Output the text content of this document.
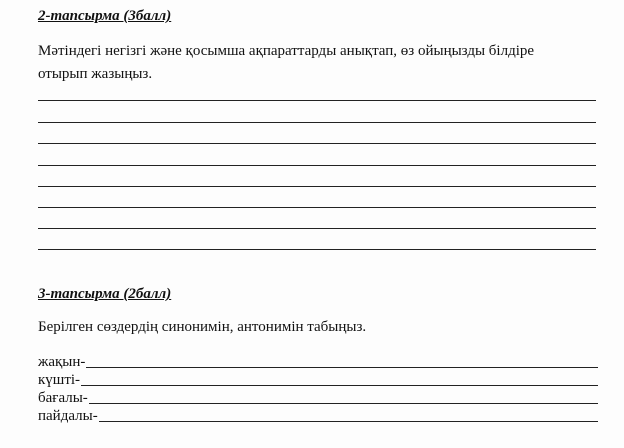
2-тапсырма (3балл)
Мәтіндегі негізгі және қосымша ақпараттарды анықтап, өз ойыңызды білдіре
отырып жазыңыз.
3-тапсырма (2балл)
Берілген сөздердің синонимін, антонимін табыңыз.
жақын-
күшті-
бағалы-
пайдалы-
